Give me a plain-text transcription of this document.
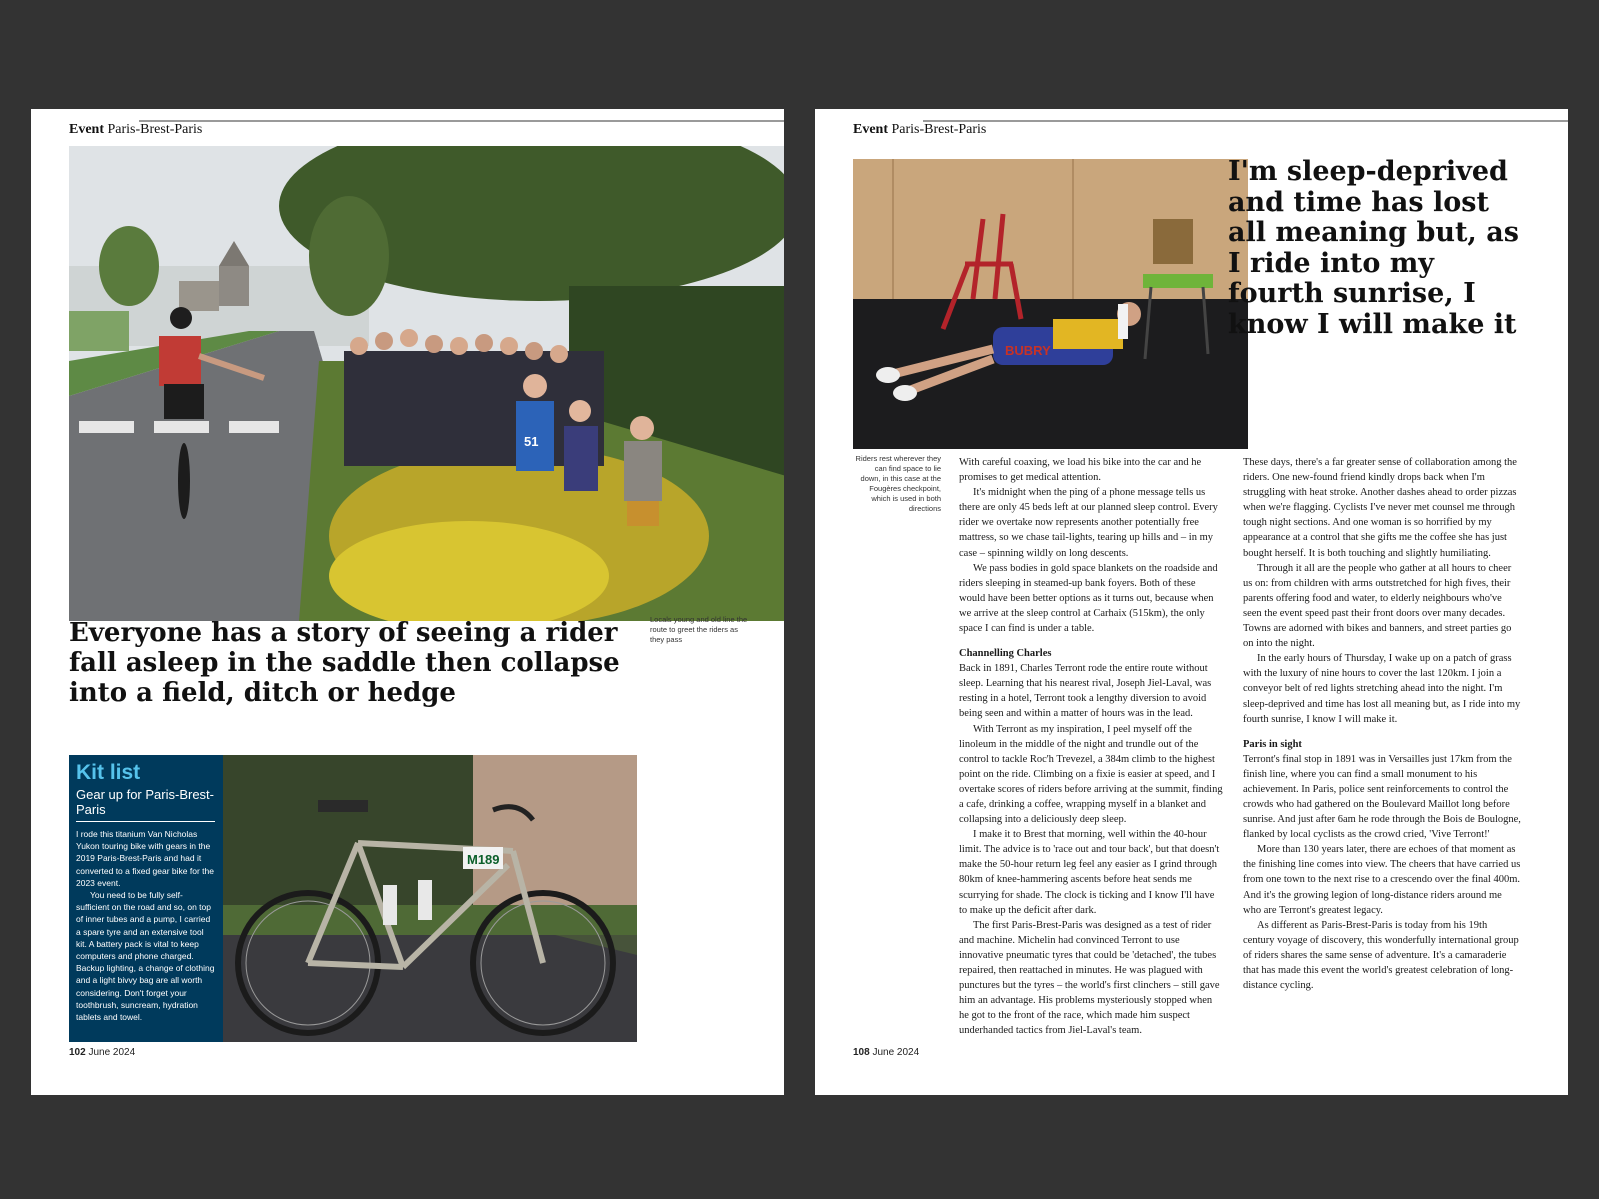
Event Paris-Brest-Paris
51
Locals young and old line the route to greet the riders as they pass
Everyone has a story of seeing a rider fall asleep in the saddle then collapse into a field, ditch or hedge
Kit list
Gear up for Paris-Brest-Paris

I rode this titanium Van Nicholas Yukon touring bike with gears in the 2019 Paris-Brest-Paris and had it converted to a fixed gear bike for the 2023 event.

You need to be fully self-sufficient on the road and so, on top of inner tubes and a pump, I carried a spare tyre and an extensive tool kit. A battery pack is vital to keep computers and phone charged. Backup lighting, a change of clothing and a light bivvy bag are all worth considering. Don't forget your toothbrush, suncream, hydration tablets and towel.

M189
102 June 2024
Event Paris-Brest-Paris
BUBRY
I'm sleep-deprived and time has lost all meaning but, as I ride into my fourth sunrise, I know I will make it
Riders rest wherever they can find space to lie down, in this case at the Fougères checkpoint, which is used in both directions

With careful coaxing, we load his bike into the car and he promises to get medical attention.

It's midnight when the ping of a phone message tells us there are only 45 beds left at our planned sleep control. Every rider we overtake now represents another potentially free mattress, so we chase tail-lights, tearing up hills and – in my case – spinning wildly on long descents.

We pass bodies in gold space blankets on the roadside and riders sleeping in steamed-up bank foyers. Both of these would have been better options as it turns out, because when we arrive at the sleep control at Carhaix (515km), the only space I can find is under a table.

Channelling Charles

Back in 1891, Charles Terront rode the entire route without sleep. Learning that his nearest rival, Joseph Jiel-Laval, was resting in a hotel, Terront took a lengthy diversion to avoid being seen and within a matter of hours was in the lead.

With Terront as my inspiration, I peel myself off the linoleum in the middle of the night and trundle out of the control to tackle Roc'h Trevezel, a 384m climb to the highest point on the ride. Climbing on a fixie is easier at speed, and I overtake scores of riders before arriving at the summit, finding a cafe, drinking a coffee, wrapping myself in a blanket and collapsing into a deliciously deep sleep.

I make it to Brest that morning, well within the 40-hour limit. The advice is to 'race out and tour back', but that doesn't make the 50-hour return leg feel any easier as I grind through 80km of knee-hammering ascents before heat sends me scurrying for shade. The clock is ticking and I know I'll have to make up the deficit after dark.

The first Paris-Brest-Paris was designed as a test of rider and machine. Michelin had convinced Terront to use innovative pneumatic tyres that could be 'detached', the tubes repaired, then reattached in minutes. He was plagued with punctures but the tyres – the world's first clinchers – still gave him an advantage. His problems mysteriously stopped when he got to the front of the race, which made him suspect underhanded tactics from Jiel-Laval's team.

These days, there's a far greater sense of collaboration among the riders. One new-found friend kindly drops back when I'm struggling with heat stroke. Another dashes ahead to order pizzas when we're flagging. Cyclists I've never met counsel me through tough night sections. And one woman is so horrified by my appearance at a control that she gifts me the coffee she has just bought herself. It is both touching and slightly humiliating.

Through it all are the people who gather at all hours to cheer us on: from children with arms outstretched for high fives, their parents offering food and water, to elderly neighbours who've seen the event speed past their front doors over many decades. Towns are adorned with bikes and banners, and street parties go on into the night.

In the early hours of Thursday, I wake up on a patch of grass with the luxury of nine hours to cover the last 120km. I join a conveyor belt of red lights stretching ahead into the night. I'm sleep-deprived and time has lost all meaning but, as I ride into my fourth sunrise, I know I will make it.

Paris in sight

Terront's final stop in 1891 was in Versailles just 17km from the finish line, where you can find a small monument to his achievement. In Paris, police sent reinforcements to control the crowds who had gathered on the Boulevard Maillot long before sunrise. And just after 6am he rode through the Bois de Boulogne, flanked by local cyclists as the crowd cried, 'Vive Terront!'

More than 130 years later, there are echoes of that moment as the finishing line comes into view. The cheers that have carried us from one town to the next rise to a crescendo over the final 400m. And it's the growing legion of long-distance riders around me who are Terront's greatest legacy.

As different as Paris-Brest-Paris is today from his 19th century voyage of discovery, this wonderfully international group of riders shares the same sense of adventure. It's a camaraderie that has made this event the world's greatest celebration of long-distance cycling.

108 June 2024
